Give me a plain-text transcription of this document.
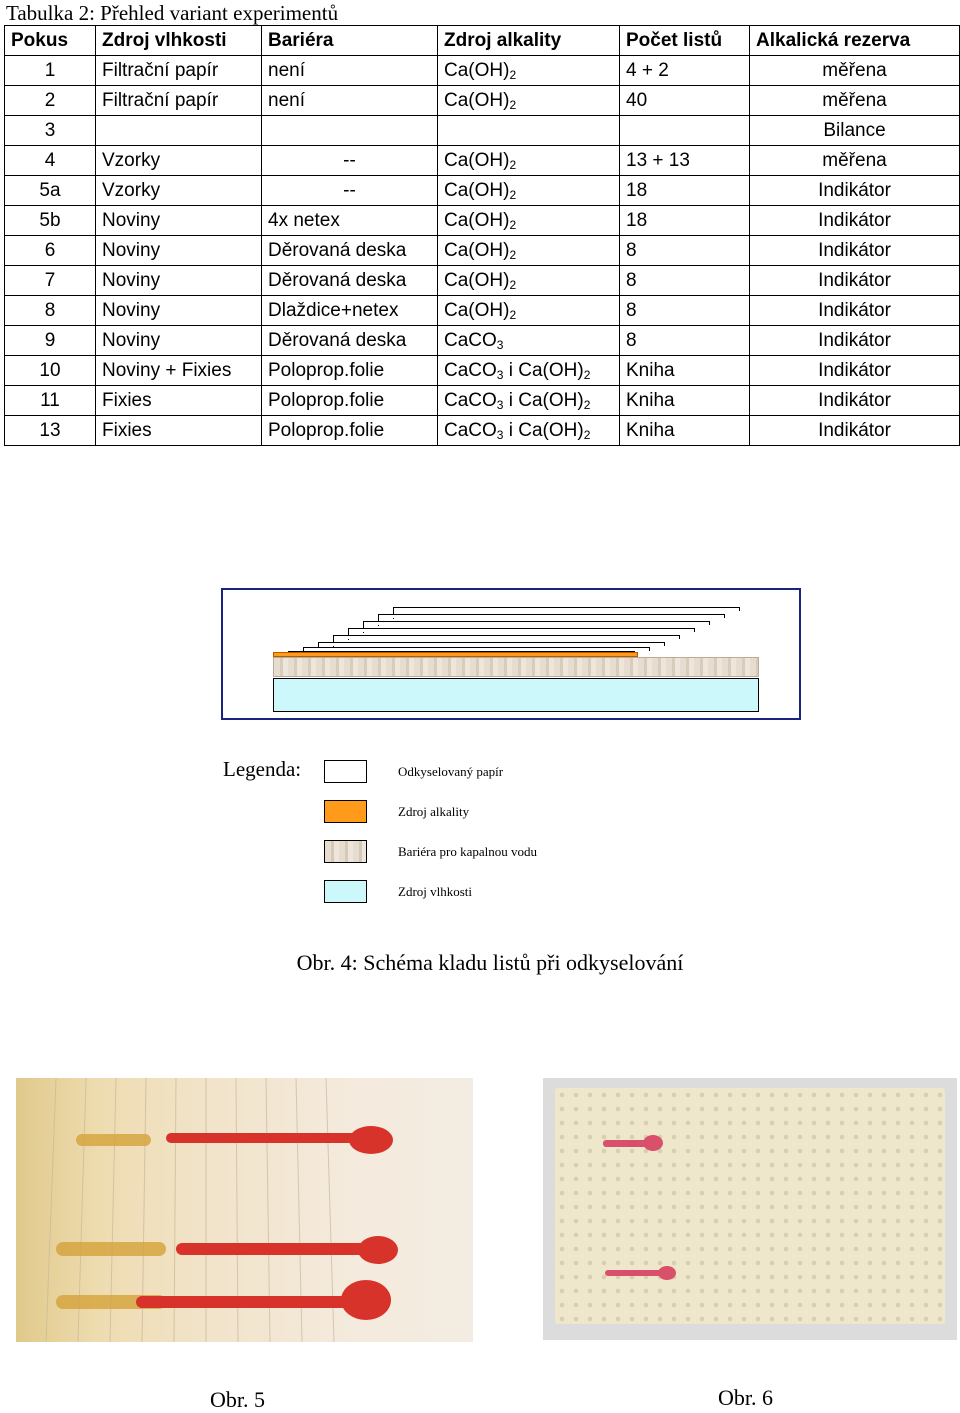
Tabulka 2: Přehled variant experimentů
Pokus	Zdroj vlhkosti	Bariéra	Zdroj alkality	Počet listů	Alkalická rezerva
1	Filtrační papír	není	$Ca(OH)_2$	4 + 2	měřena
2	Filtrační papír	není	$Ca(OH)_2$	40	měřena
3					Bilance
4	Vzorky	--	$Ca(OH)_2$	13 + 13	měřena
5a	Vzorky	--	$Ca(OH)_2$	18	Indikátor
5b	Noviny	4x netex	$Ca(OH)_2$	18	Indikátor
6	Noviny	Děrovaná deska	$Ca(OH)_2$	8	Indikátor
7	Noviny	Děrovaná deska	$Ca(OH)_2$	8	Indikátor
8	Noviny	Dlaždice+netex	$Ca(OH)_2$	8	Indikátor
9	Noviny	Děrovaná deska	CaCO$_3$	8	Indikátor
10	Noviny + Fixies	Poloprop.folie	CaCO$_3$ i $Ca(OH)_2$	Kniha	Indikátor
11	Fixies	Poloprop.folie	CaCO$_3$ i $Ca(OH)_2$	Kniha	Indikátor
13	Fixies	Poloprop.folie	CaCO$_3$ i $Ca(OH)_2$	Kniha	Indikátor
Legenda:	Odkyselovaný papír
Zdroj alkality
Bariéra pro kapalnou vodu
Zdroj vlhkosti
Obr. 4: Schéma kladu listů při odkyselování
Obr. 5	Obr. 6
